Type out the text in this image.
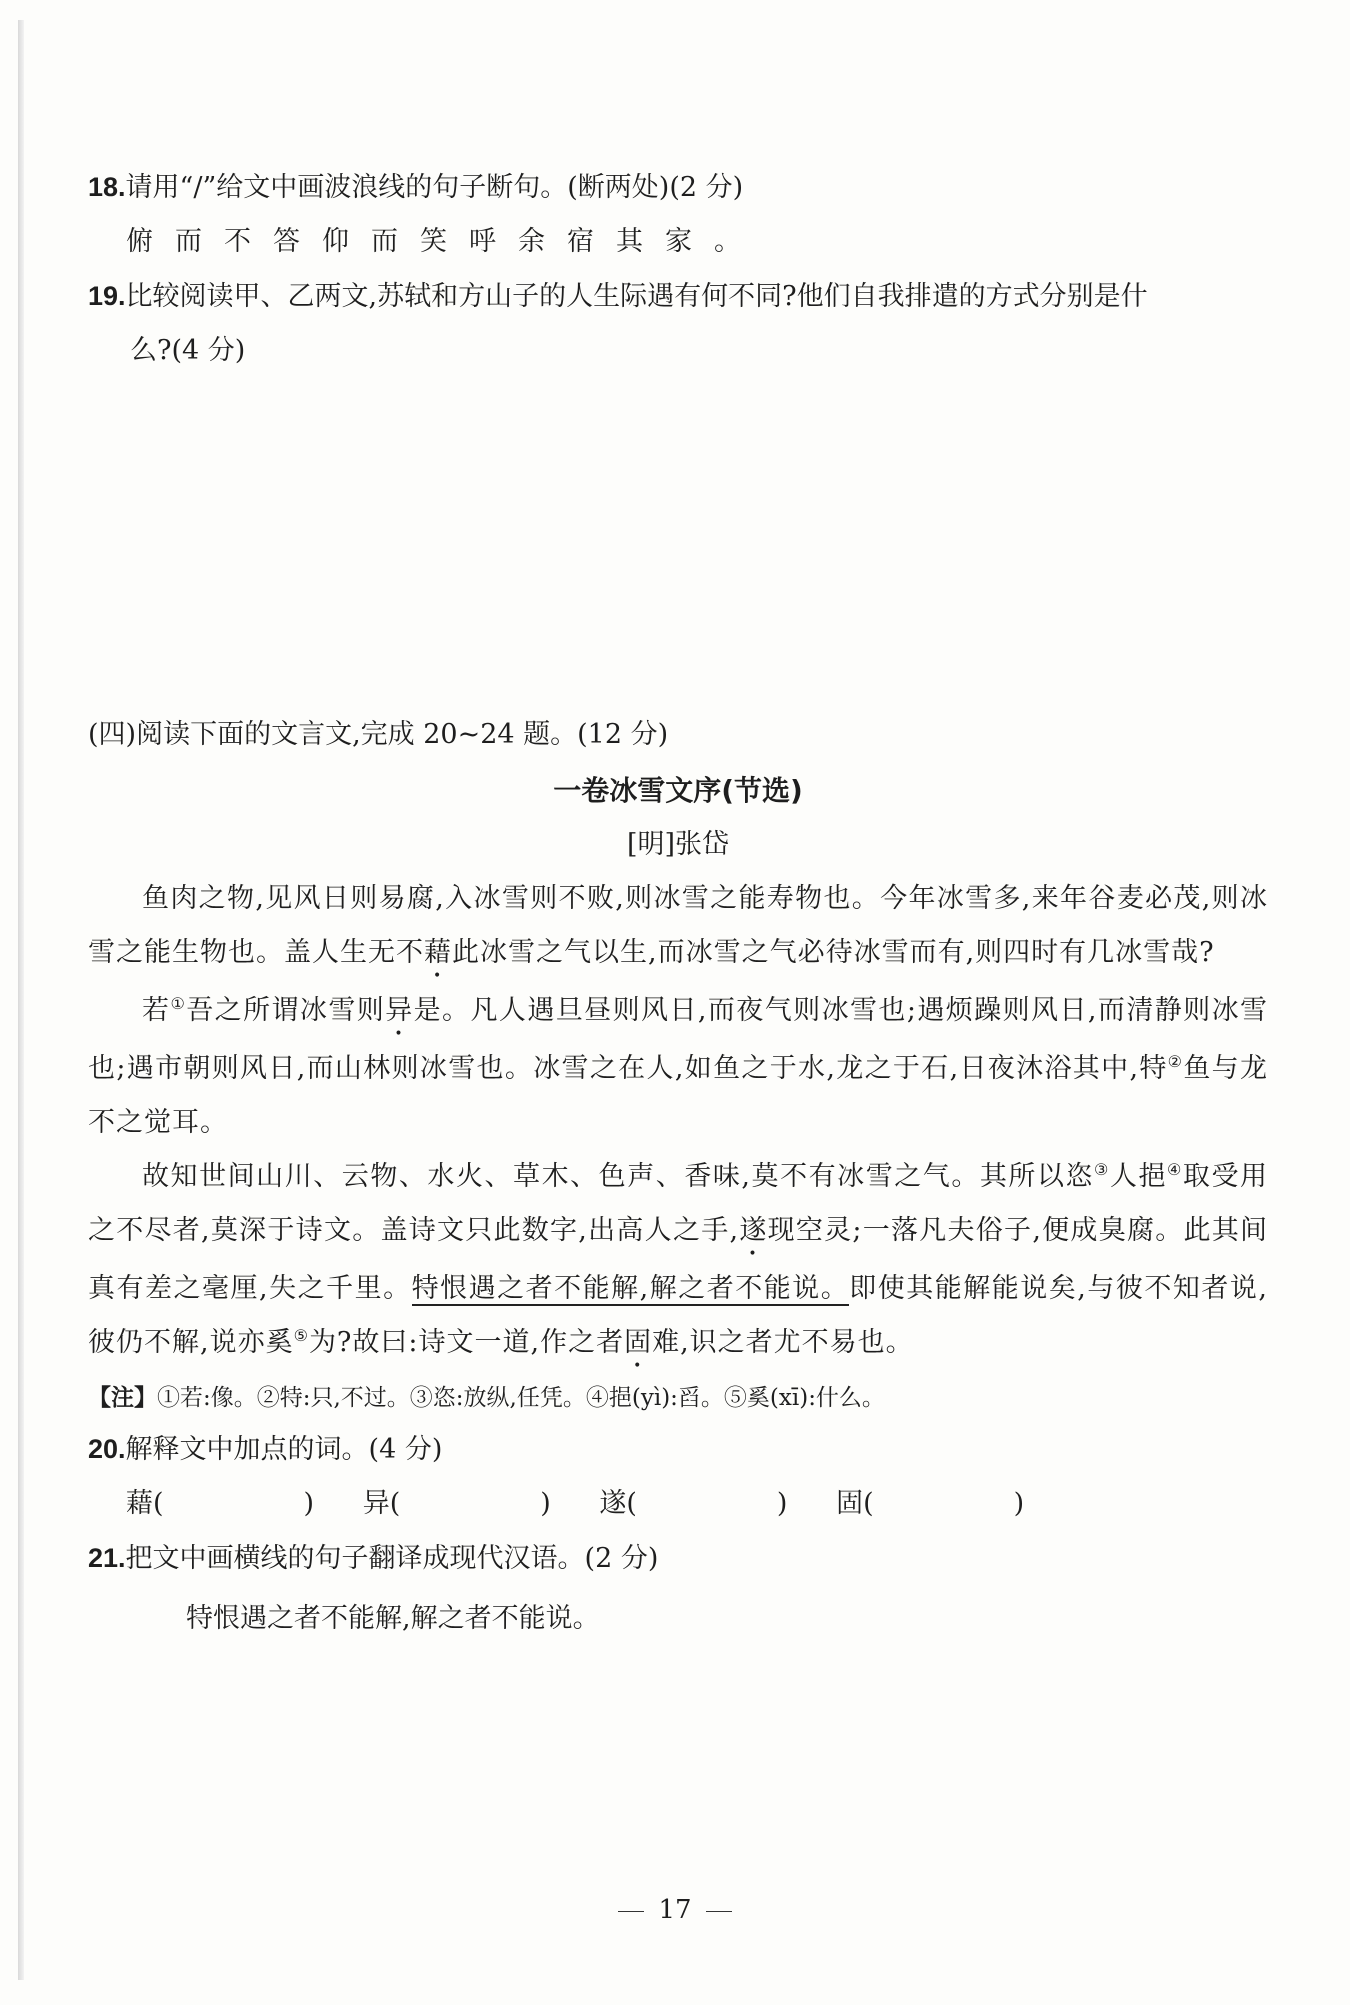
18.请用“/”给文中画波浪线的句子断句。(断两处)(2 分)

俯而不答仰而笑呼余宿其家。

19.比较阅读甲、乙两文,苏轼和方山子的人生际遇有何不同?他们自我排遣的方式分别是什

么?(4 分)

(四)阅读下面的文言文,完成 20~24 题。(12 分)

一卷冰雪文序(节选)

[明]张岱

鱼肉之物,见风日则易腐,入冰雪则不败,则冰雪之能寿物也。今年冰雪多,来年谷麦必茂,则冰雪之能生物也。盖人生无不藉此冰雪之气以生,而冰雪之气必待冰雪而有,则四时有几冰雪哉?

若①吾之所谓冰雪则异是。凡人遇旦昼则风日,而夜气则冰雪也;遇烦躁则风日,而清静则冰雪也;遇市朝则风日,而山林则冰雪也。冰雪之在人,如鱼之于水,龙之于石,日夜沐浴其中,特②鱼与龙不之觉耳。

故知世间山川、云物、水火、草木、色声、香味,莫不有冰雪之气。其所以恣③人挹④取受用之不尽者,莫深于诗文。盖诗文只此数字,出高人之手,遂现空灵;一落凡夫俗子,便成臭腐。此其间真有差之毫厘,失之千里。特恨遇之者不能解,解之者不能说。即使其能解能说矣,与彼不知者说,彼仍不解,说亦奚⑤为?故曰:诗文一道,作之者固难,识之者尤不易也。

【注】①若:像。②特:只,不过。③恣:放纵,任凭。④挹(yì):舀。⑤奚(xī):什么。

20.解释文中加点的词。(4 分)

藉(	) 异(	) 遂(	) 固(	)

21.把文中画横线的句子翻译成现代汉语。(2 分)

特恨遇之者不能解,解之者不能说。

17
